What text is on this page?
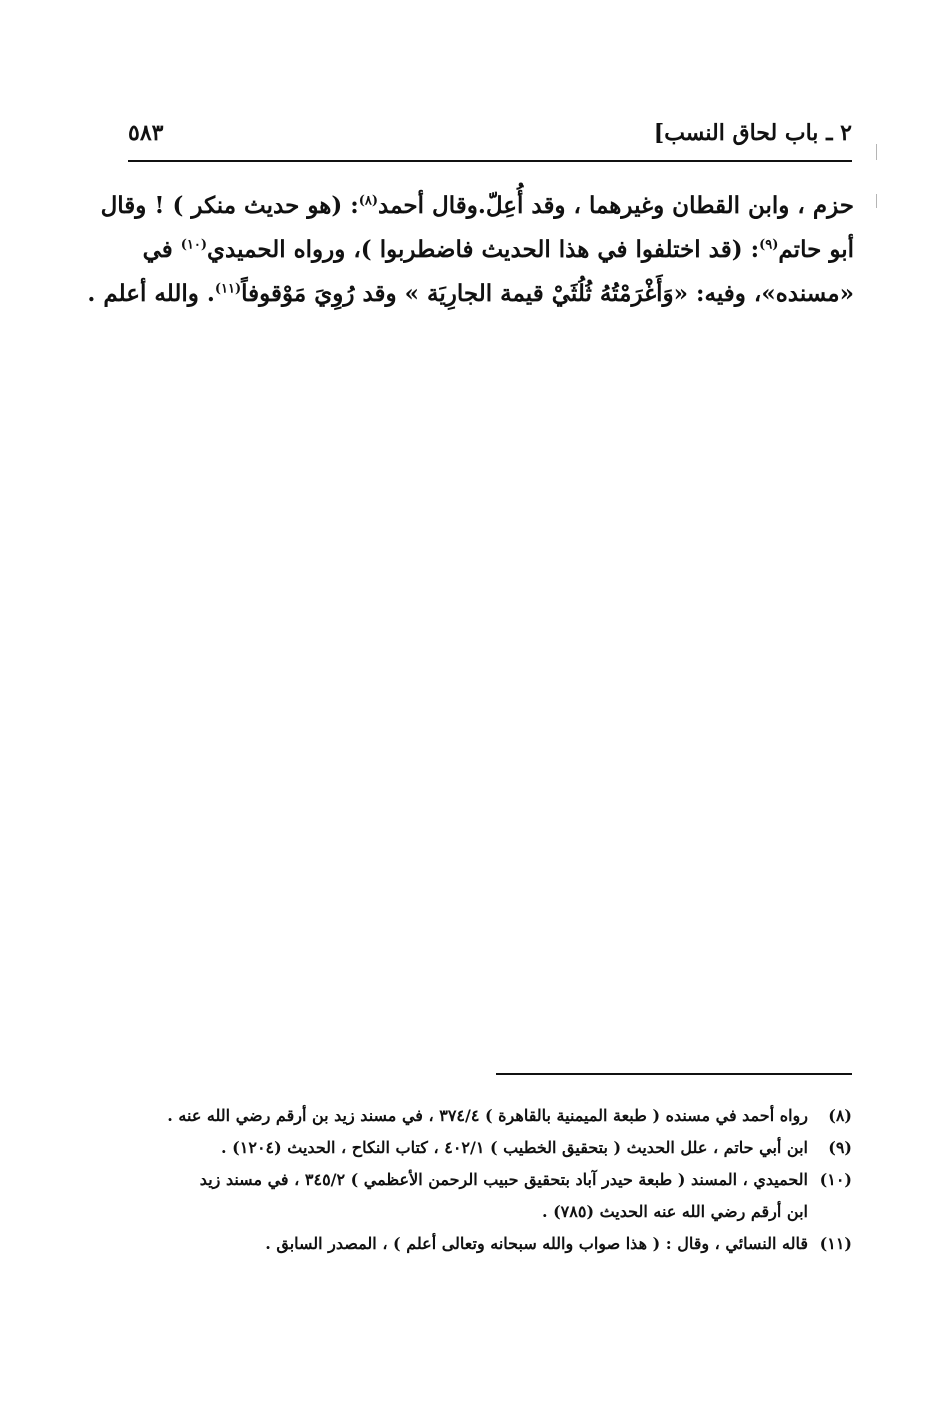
٢ ـ باب لحاق النسب]
٥٨٣
حزم ، وابن القطان وغيرهما ، وقد أُعِلّ.وقال أحمد$^{(٨)}$: (هو حديث منكر ) ! وقال
أبو حاتم$^{(٩)}$: (قد اختلفوا في هذا الحديث فاضطربوا )، ورواه الحميدي$^{(١٠)}$ في
«مسنده»، وفيه: «وَأَغْرَمْتُهُ ثُلُثَيْ قيمة الجارِيَة » وقد رُوِيَ مَوْقوفاً$^{(١١)}$. والله أعلم .
(٨)رواه أحمد في مسنده ( طبعة الميمنية بالقاهرة ) ٣٧٤/٤ ، في مسند زيد بن أرقم رضي الله عنه .
(٩)ابن أبي حاتم ، علل الحديث ( بتحقيق الخطيب ) ٤٠٢/١ ، كتاب النكاح ، الحديث (١٢٠٤) .
(١٠)الحميدي ، المسند ( طبعة حيدر آباد بتحقيق حبيب الرحمن الأعظمي ) ٣٤٥/٢ ، في مسند زيد
ابن أرقم رضي الله عنه الحديث (٧٨٥) .
(١١)قاله النسائي ، وقال : ( هذا صواب والله سبحانه وتعالى أعلم ) ، المصدر السابق .
